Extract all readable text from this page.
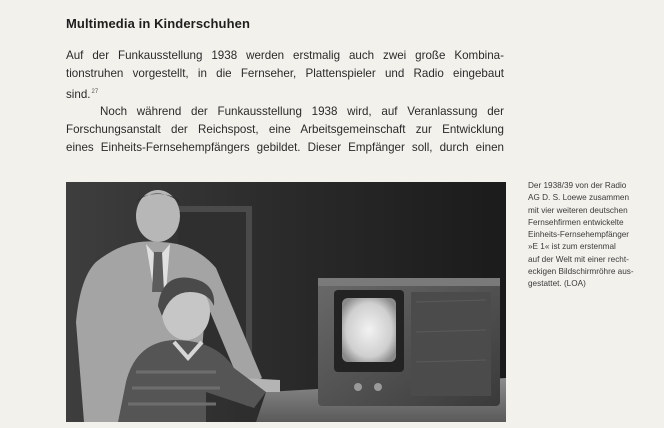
Multimedia in Kinderschuhen
Auf der Funkausstellung 1938 werden erstmalig auch zwei große Kombina-
tionstruhen vorgestellt, in die Fernseher, Plattenspieler und Radio eingebaut
sind.$^{27}$
Noch während der Funkausstellung 1938 wird, auf Veranlassung der
Forschungsanstalt der Reichspost, eine Arbeitsgemeinschaft zur Entwicklung
eines Einheits-Fernsehempfängers gebildet. Dieser Empfänger soll, durch einen
Der 1938/39 von der Radio
AG D. S. Loewe zusammen
mit vier weiteren deutschen
Fernsehfirmen entwickelte
Einheits-Fernsehempfänger
»E 1« ist zum erstenmal
auf der Welt mit einer recht-
eckigen Bildschirmröhre aus-
gestattet. (LOA)
